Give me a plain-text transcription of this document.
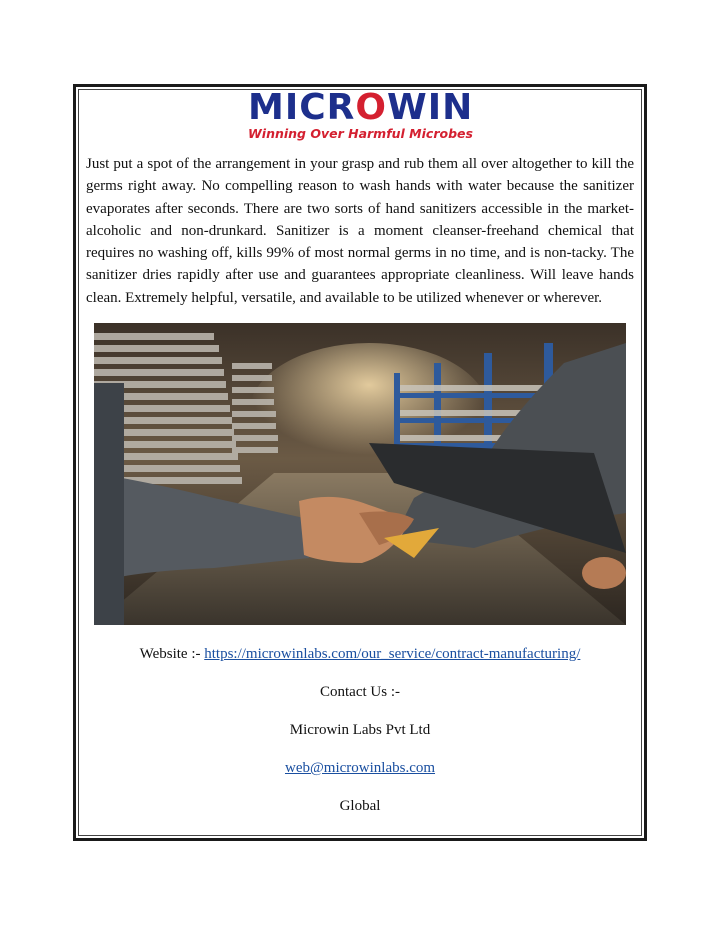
MICROWIN
Winning Over Harmful Microbes

Just put a spot of the arrangement in your grasp and rub them all over altogether to kill the germs right away. No compelling reason to wash hands with water because the sanitizer evaporates after seconds. There are two sorts of hand sanitizers accessible in the market-alcoholic and non-drunkard. Sanitizer is a moment cleanser-freehand chemical that requires no washing off, kills 99% of most normal germs in no time, and is non-tacky. The sanitizer dries rapidly after use and guarantees appropriate cleanliness. Will leave hands clean. Extremely helpful, versatile, and available to be utilized whenever or wherever.

Website :- https://microwinlabs.com/our_service/contract-manufacturing/
Contact Us :-
Microwin Labs Pvt Ltd
web@microwinlabs.com
Global
